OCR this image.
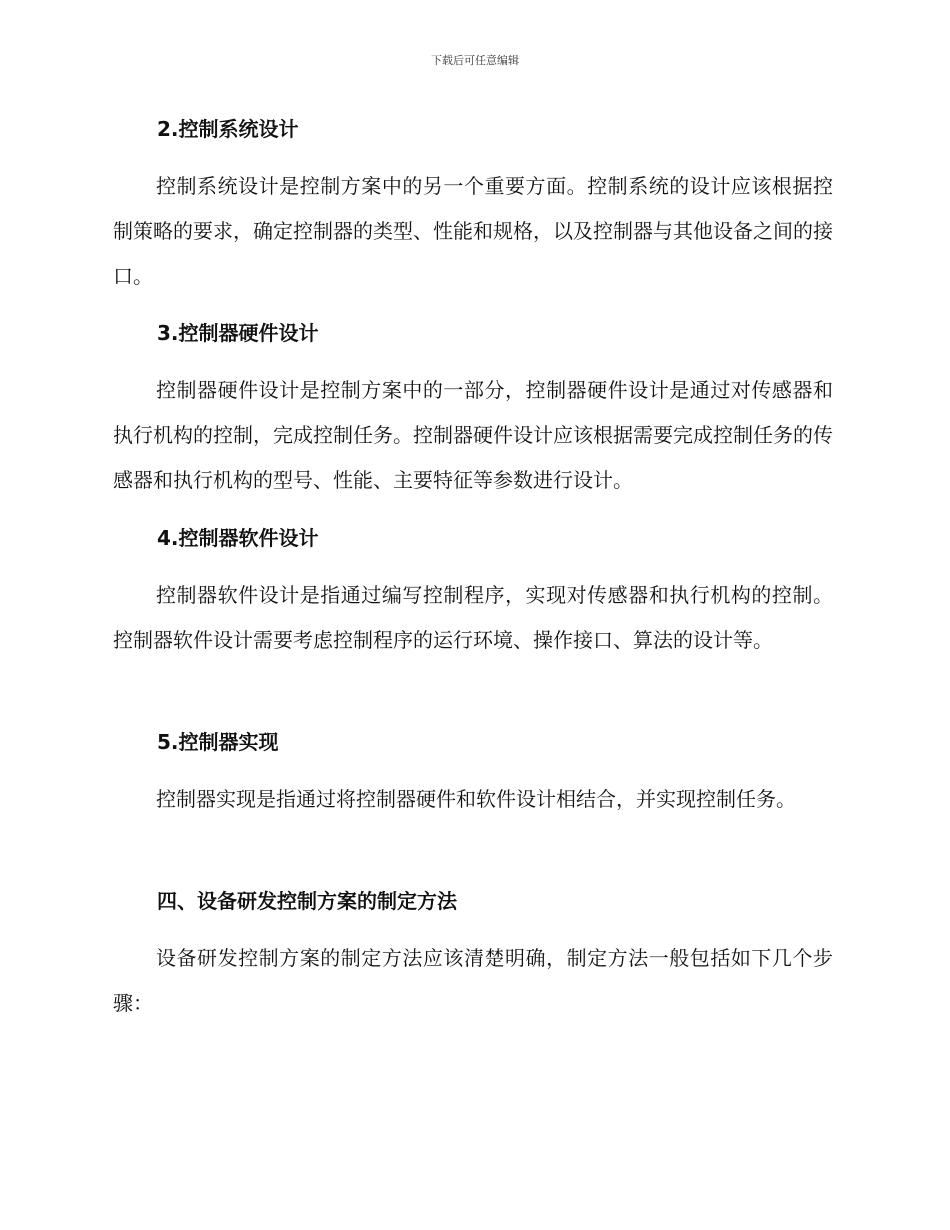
下载后可任意编辑
2.控制系统设计
控制系统设计是控制方案中的另一个重要方面。控制系统的设计应该根据控制策略的要求，确定控制器的类型、性能和规格，以及控制器与其他设备之间的接口。
3.控制器硬件设计
控制器硬件设计是控制方案中的一部分，控制器硬件设计是通过对传感器和执行机构的控制，完成控制任务。控制器硬件设计应该根据需要完成控制任务的传感器和执行机构的型号、性能、主要特征等参数进行设计。
4.控制器软件设计
控制器软件设计是指通过编写控制程序，实现对传感器和执行机构的控制。控制器软件设计需要考虑控制程序的运行环境、操作接口、算法的设计等。
5.控制器实现
控制器实现是指通过将控制器硬件和软件设计相结合，并实现控制任务。
四、设备研发控制方案的制定方法
设备研发控制方案的制定方法应该清楚明确，制定方法一般包括如下几个步骤：
